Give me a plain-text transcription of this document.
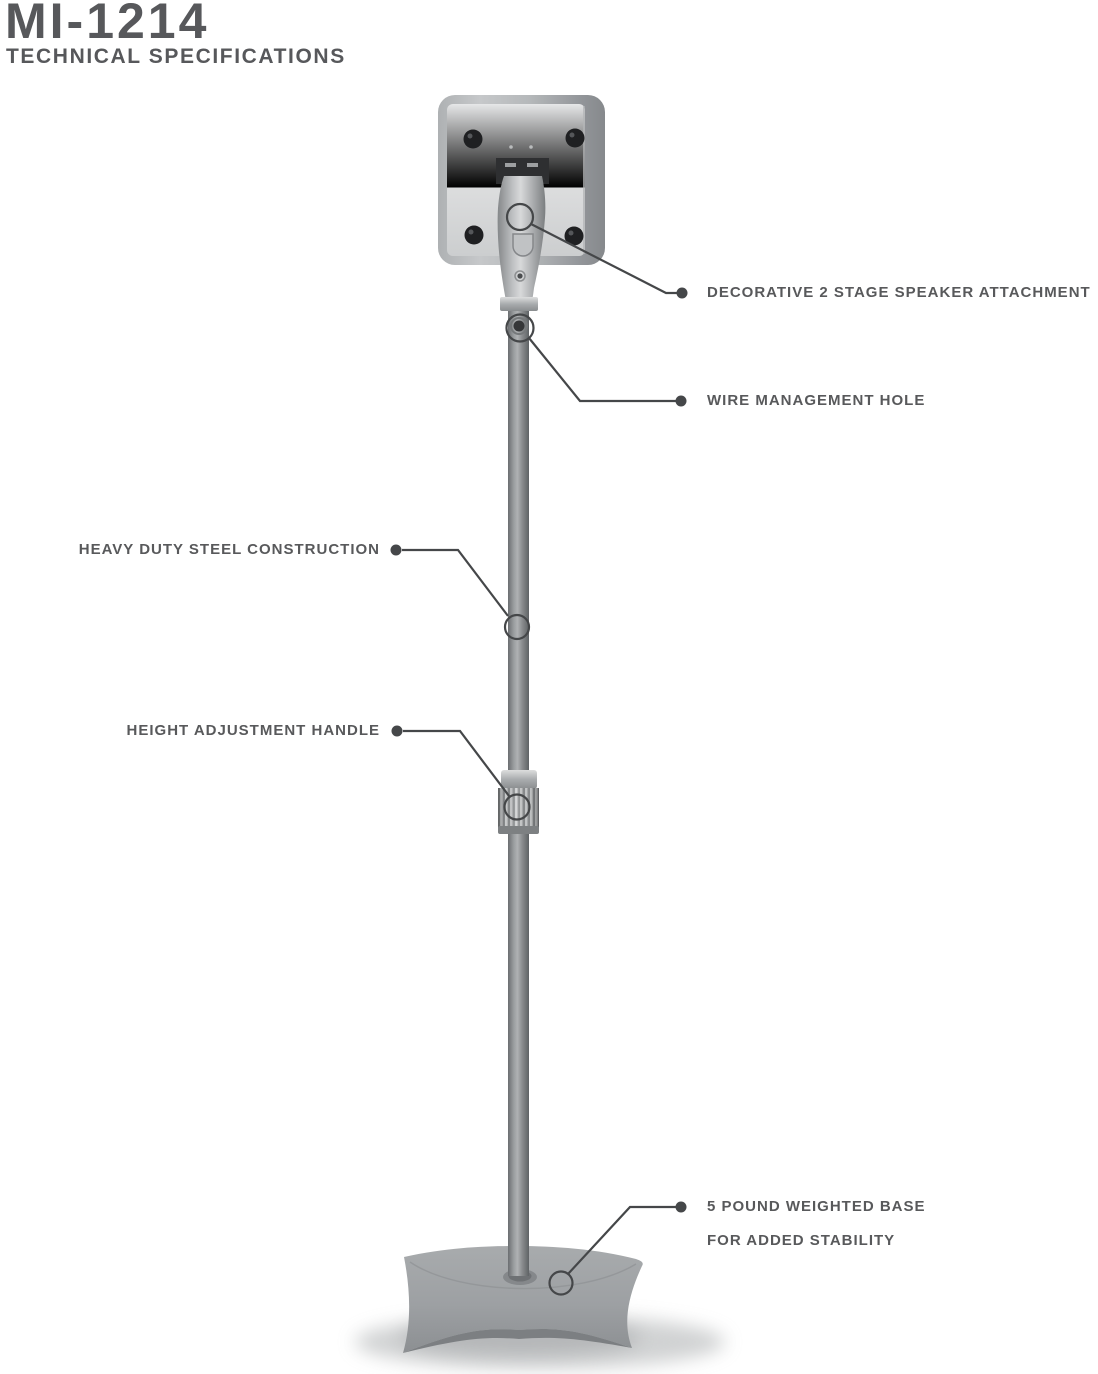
MI-1214
TECHNICAL SPECIFICATIONS
DECORATIVE 2 STAGE SPEAKER ATTACHMENT
WIRE MANAGEMENT HOLE
HEAVY DUTY STEEL CONSTRUCTION
HEIGHT ADJUSTMENT HANDLE
5 POUND WEIGHTED BASE
FOR ADDED STABILITY
